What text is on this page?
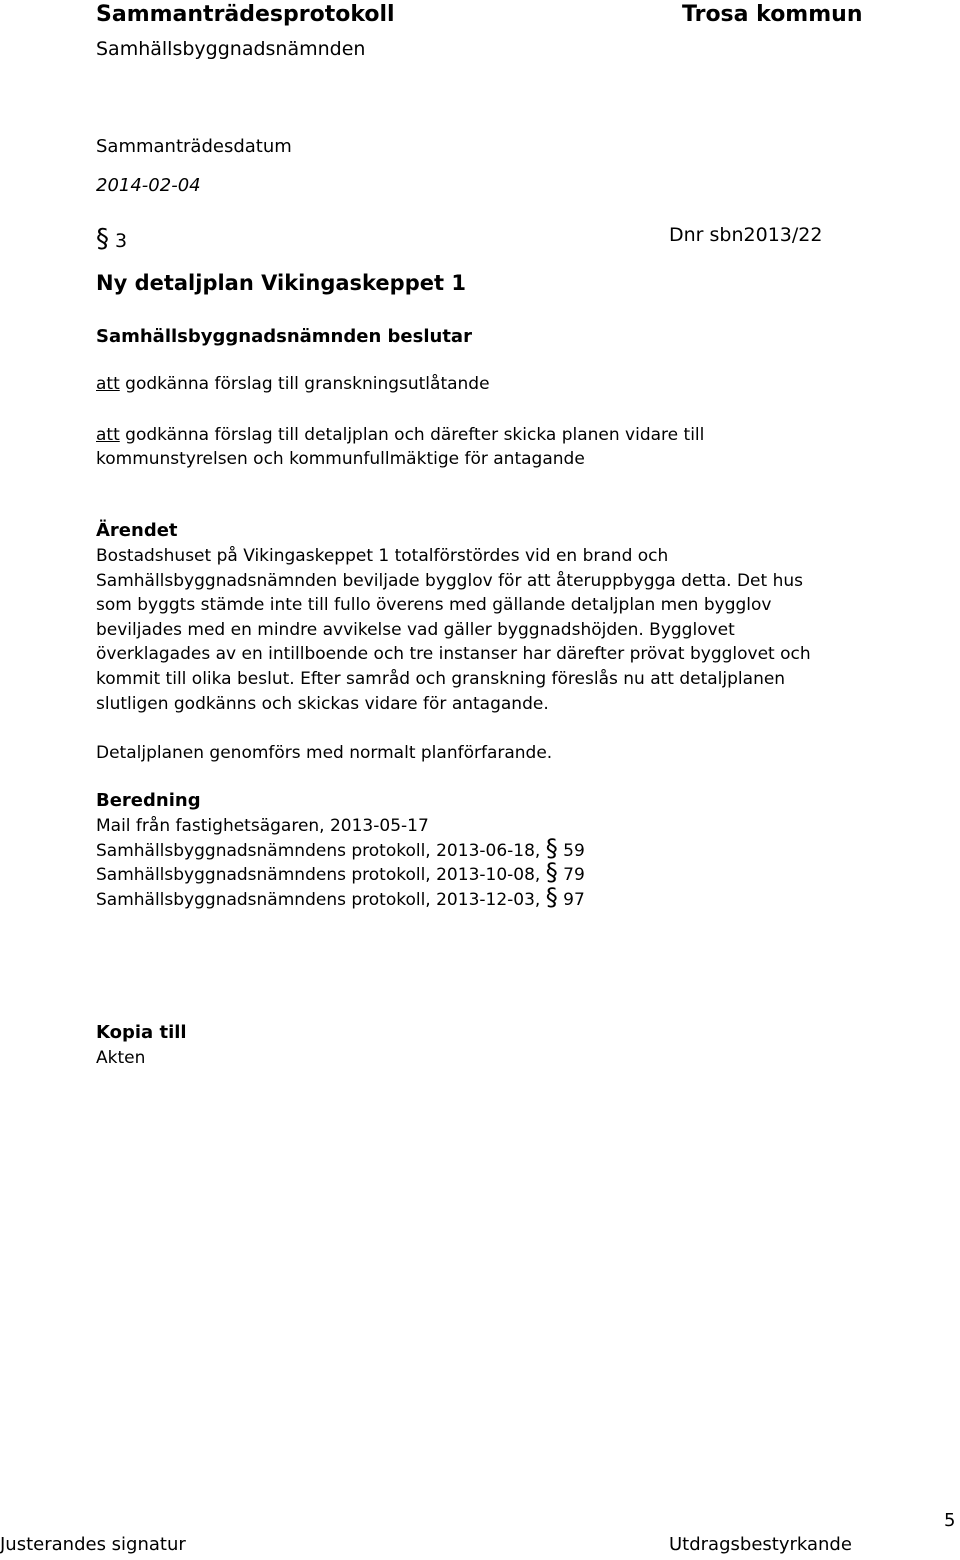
Sammanträdesprotokoll
Samhällsbyggnadsnämnden
Trosa kommun
Sammanträdesdatum
2014-02-04
§ 3	Dnr sbn2013/22
Ny detaljplan Vikingaskeppet 1
Samhällsbyggnadsnämnden beslutar
att godkänna förslag till granskningsutlåtande
att godkänna förslag till detaljplan och därefter skicka planen vidare till
kommunstyrelsen och kommunfullmäktige för antagande
Ärendet
Bostadshuset på Vikingaskeppet 1 totalförstördes vid en brand och
Samhällsbyggnadsnämnden beviljade bygglov för att återuppbygga detta. Det hus
som byggts stämde inte till fullo överens med gällande detaljplan men bygglov
beviljades med en mindre avvikelse vad gäller byggnadshöjden. Bygglovet
överklagades av en intillboende och tre instanser har därefter prövat bygglovet och
kommit till olika beslut. Efter samråd och granskning föreslås nu att detaljplanen
slutligen godkänns och skickas vidare för antagande.
Detaljplanen genomförs med normalt planförfarande.
Beredning
Mail från fastighetsägaren, 2013-05-17
Samhällsbyggnadsnämndens protokoll, 2013-06-18, § 59
Samhällsbyggnadsnämndens protokoll, 2013-10-08, § 79
Samhällsbyggnadsnämndens protokoll, 2013-12-03, § 97
Kopia till
Akten
Justerandes signatur	Utdragsbestyrkande
5
